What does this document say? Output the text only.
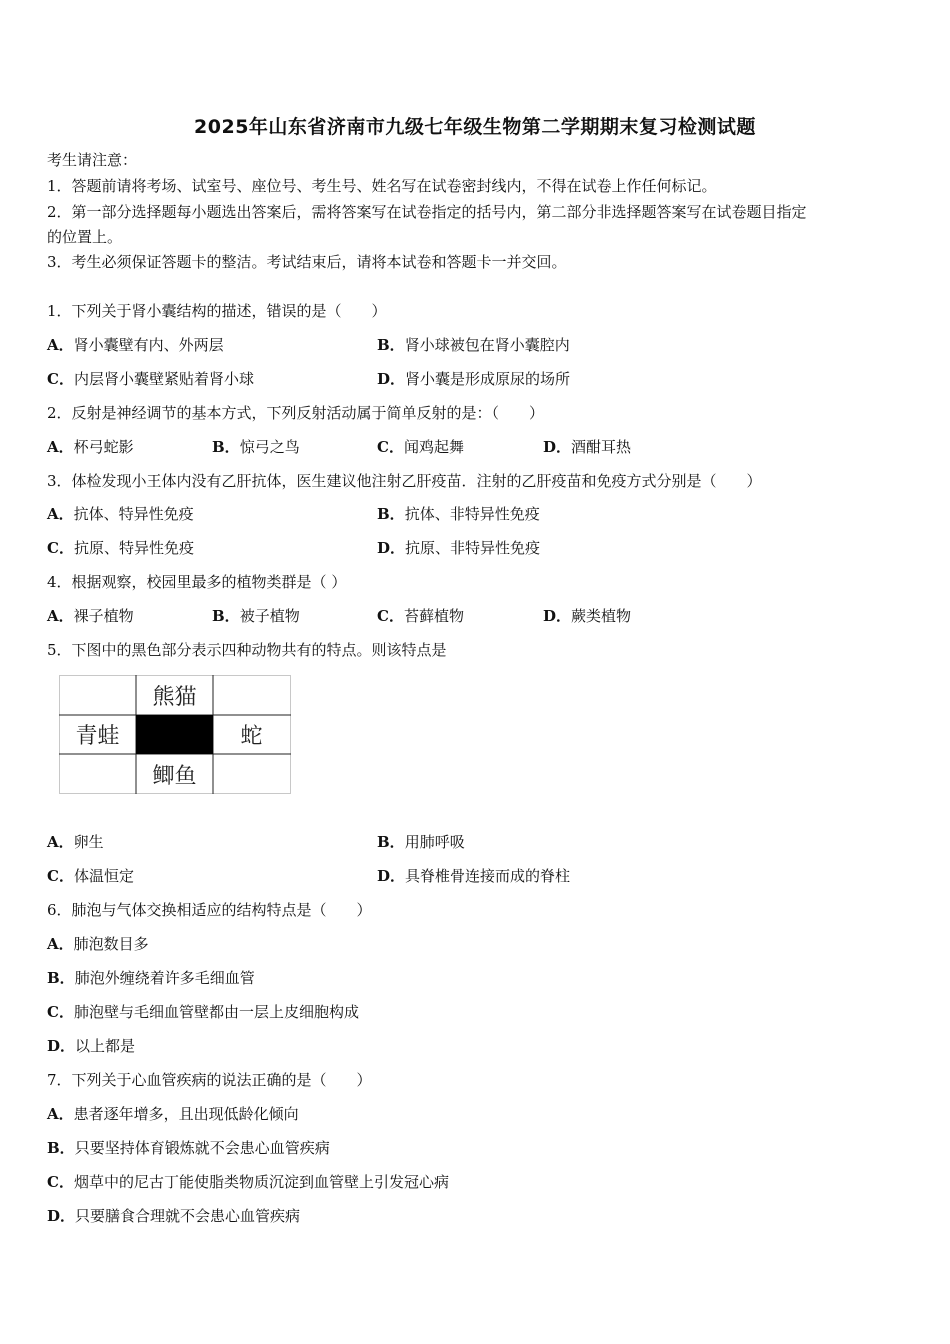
2025年山东省济南市九级七年级生物第二学期期末复习检测试题
考生请注意：
1．答题前请将考场、试室号、座位号、考生号、姓名写在试卷密封线内，不得在试卷上作任何标记。
2．第一部分选择题每小题选出答案后，需将答案写在试卷指定的括号内，第二部分非选择题答案写在试卷题目指定
的位置上。
3．考生必须保证答题卡的整洁。考试结束后，请将本试卷和答题卡一并交回。
1．下列关于肾小囊结构的描述，错误的是（　　）
A．肾小囊壁有内、外两层	B．肾小球被包在肾小囊腔内
C．内层肾小囊壁紧贴着肾小球	D．肾小囊是形成原尿的场所
2．反射是神经调节的基本方式，下列反射活动属于简单反射的是：（　　）
A．杯弓蛇影	B．惊弓之鸟	C．闻鸡起舞	D．酒酣耳热
3．体检发现小王体内没有乙肝抗体，医生建议他注射乙肝疫苗．注射的乙肝疫苗和免疫方式分别是（　　）
A．抗体、特异性免疫	B．抗体、非特异性免疫
C．抗原、特异性免疫	D．抗原、非特异性免疫
4．根据观察，校园里最多的植物类群是（ ）
A．裸子植物	B．被子植物	C．苔藓植物	D．蕨类植物
5．下图中的黑色部分表示四种动物共有的特点。则该特点是
熊猫
青蛙	蛇
鲫鱼
A．卵生	B．用肺呼吸
C．体温恒定	D．具脊椎骨连接而成的脊柱
6．肺泡与气体交换相适应的结构特点是（　　）
A．肺泡数目多
B．肺泡外缠绕着许多毛细血管
C．肺泡壁与毛细血管壁都由一层上皮细胞构成
D．以上都是
7．下列关于心血管疾病的说法正确的是（　　）
A．患者逐年增多，且出现低龄化倾向
B．只要坚持体育锻炼就不会患心血管疾病
C．烟草中的尼古丁能使脂类物质沉淀到血管壁上引发冠心病
D．只要膳食合理就不会患心血管疾病
